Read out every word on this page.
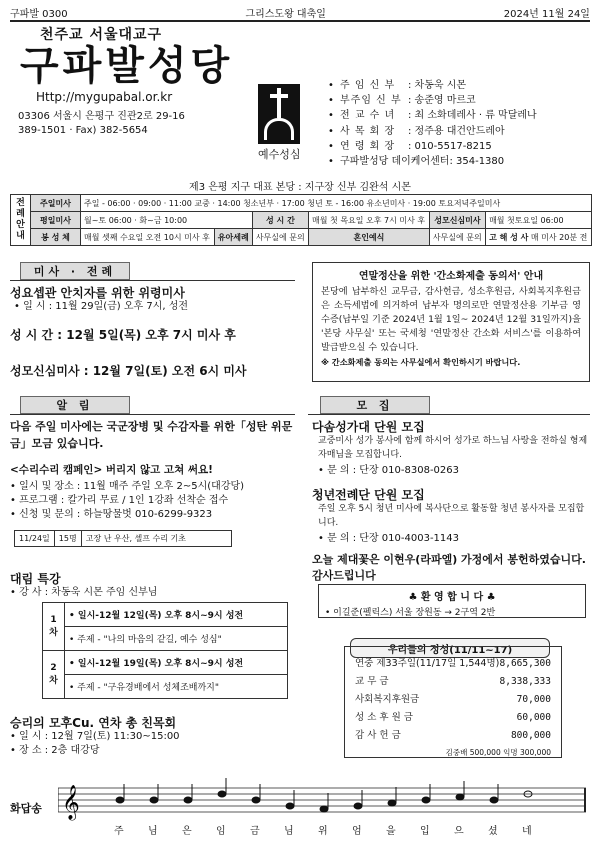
구파발 0300	그리스도왕 대축일	2024년 11월 24일
천주교 서울대교구
구파발성당
Http://mygupabal.or.kr
03306 서울시 은평구 진관2로 29-16
389-1501 · Fax) 382-5654
예수성심
• 주 임 신 부	: 차동욱 시몬
• 부주임 신 부 : 송준영 마르코
• 전 교 수 녀	: 최 소화데레사 · 류 막달레나
• 사 목 회 장	: 정주용 대건안드레아
• 연 령 회 장	: 010-5517-8215
• 구파발성당 데이케어센터 : 354-1380
제3 은평 지구 대표 본당 : 지구장 신부 김완석 시몬
전례안내	주일미사	주일 - 06:00 · 09:00 · 11:00 교중 · 14:00 청소년부 · 17:00 청년 토 - 16:00 유소년미사 · 19:00 토요저녁주일미사					
	평일미사	월~토 06:00 · 화~금 10:00		성 시 간	매월 첫 목요일 오후 7시 미사 후	성모신심미사	매월 첫토요일 06:00
	봉 성 체	매월 셋째 수요일 오전 10시 미사 후	유아세례	사무실에 문의	혼인예식	사무실에 문의	고 해 성 사 매 미사 20분 전
미사 · 전례
성요셉관 안치자를 위한 위령미사
• 일 시 : 11월 29일(금) 오후 7시, 성전
성 시 간 : 12월 5일(목) 오후 7시 미사 후
성모신심미사 : 12월 7일(토) 오전 6시 미사
연말정산을 위한 '간소화제출 동의서' 안내
본당에 납부하신 교무금, 감사헌금, 성소후원금, 사회복지후원금은 소득세법에 의거하여 납부자 명의로만 연말정산용 기부금 영수증(납부일 기준 2024년 1월 1일~ 2024년 12월 31일까지)을 '본당 사무실' 또는 국세청 '연말정산 간소화 서비스'를 이용하여 발급받으실 수 있습니다.
※ 간소화제출 동의는 사무실에서 확인하시기 바랍니다.
알 림
다음 주일 미사에는 국군장병 및 수감자를 위한「성탄 위문금」모금 있습니다.
<수리수리 캠페인> 버리지 않고 고쳐 써요!
• 일시 및 장소 : 11월 매주 주일 오후 2~5시(대강당)
• 프로그램 : 칼가리 무료 / 1인 1강좌 선착순 접수
• 신청 및 문의 : 하늘땅물벗 010-6299-9323
11/24일	15명	고장 난 우산, 셀프 수리 기초
대림 특강
• 강 사 : 차동욱 시몬 주임 신부님
1차	• 일시-12월 12일(목) 오후 8시~9시 성전
	• 주제 - "나의 마음의 같길, 예수 성심"
2차	• 일시-12월 19일(목) 오후 8시~9시 성전
	• 주제 - "구유경배에서 성체조배까지"
승리의 모후Cu. 연차 총 친목회
• 일 시 : 12월 7일(토) 11:30~15:00
• 장 소 : 2층 대강당
모 집
다솜성가대 단원 모집
교중미사 성가 봉사에 함께 하시어 성가로 하느님 사랑을 전하실 형제 자매님을 모집합니다.
• 문 의 : 단장 010-8308-0263
청년전례단 단원 모집
주일 오후 5시 청년 미사에 복사단으로 활동할 청년 봉사자를 모집합니다.
• 문 의 : 단장 010-4003-1143
오늘 제대꽃은 이현우(라파엘) 가정에서 봉헌하였습니다. 감사드립니다
♣ 환 영 합 니 다 ♣
• 이길준(펠릭스) 서울 장원동 → 2구역 2반
우리들의 정성(11/11~17)
연중 제33주일(11/17일 1,544명) 8,665,300
교 무 금	8,338,333
사회복지후원금	70,000
성 소 후 원 금	60,000
감 사 헌 금	800,000
김중배 500,000 익명 300,000
화답송 𝄞
주 님 은 임 금 님 위 엄 을 입 으 셨 네
